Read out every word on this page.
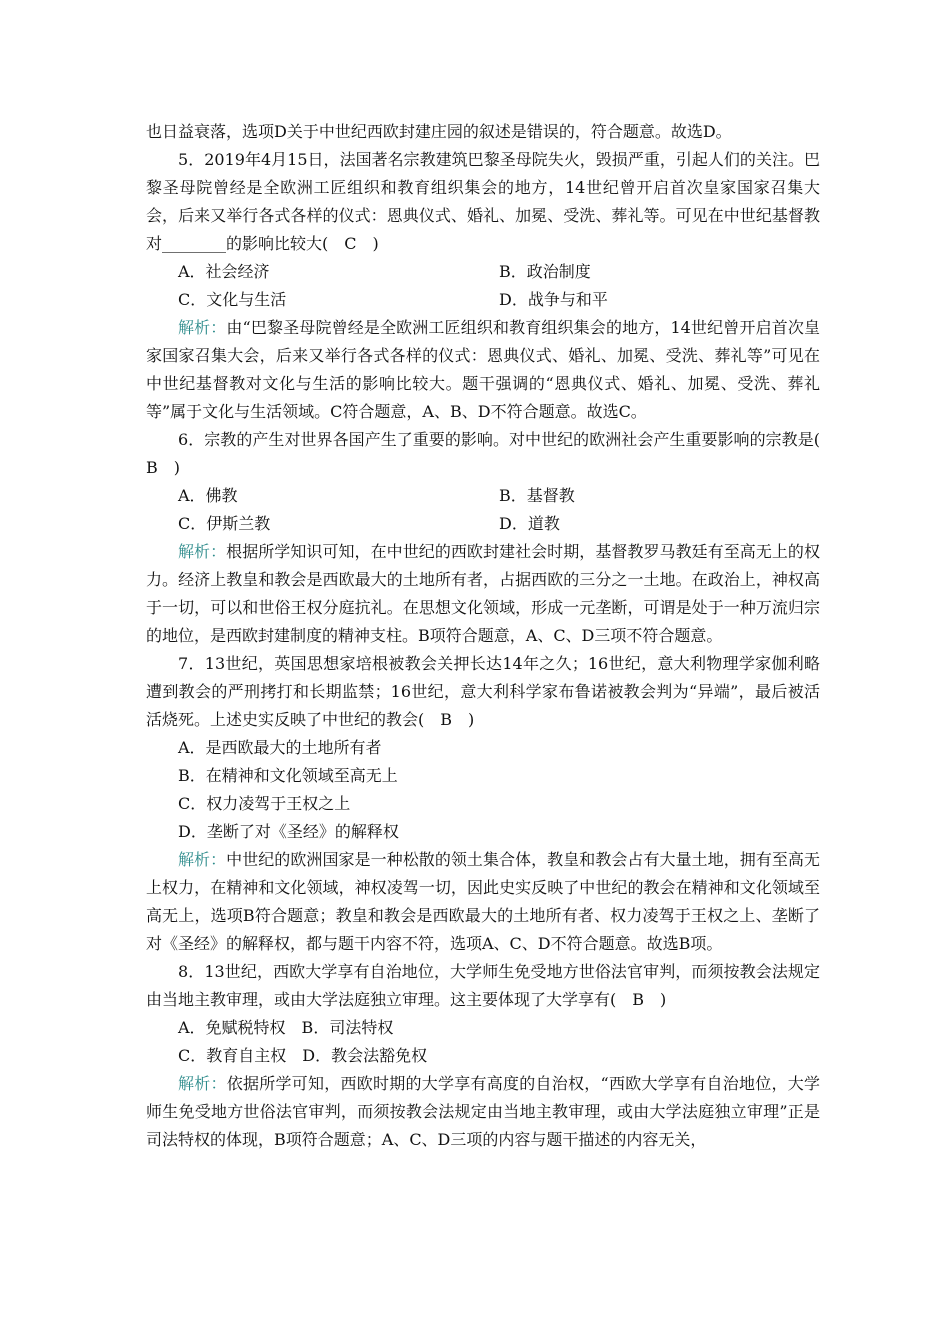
也日益衰落，选项D关于中世纪西欧封建庄园的叙述是错误的，符合题意。故选D。

5．2019年4月15日，法国著名宗教建筑巴黎圣母院失火，毁损严重，引起人们的关注。巴黎圣母院曾经是全欧洲工匠组织和教育组织集会的地方，14世纪曾开启首次皇家国家召集大会，后来又举行各式各样的仪式：恩典仪式、婚礼、加冕、受洗、葬礼等。可见在中世纪基督教对________的影响比较大(　C　)

A．社会经济	B．政治制度
C．文化与生活	D．战争与和平

解析：由“巴黎圣母院曾经是全欧洲工匠组织和教育组织集会的地方，14世纪曾开启首次皇家国家召集大会，后来又举行各式各样的仪式：恩典仪式、婚礼、加冕、受洗、葬礼等”可见在中世纪基督教对文化与生活的影响比较大。题干强调的“恩典仪式、婚礼、加冕、受洗、葬礼等”属于文化与生活领域。C符合题意，A、B、D不符合题意。故选C。

6．宗教的产生对世界各国产生了重要的影响。对中世纪的欧洲社会产生重要影响的宗教是(　B　)

A．佛教	B．基督教
C．伊斯兰教	D．道教

解析：根据所学知识可知，在中世纪的西欧封建社会时期，基督教罗马教廷有至高无上的权力。经济上教皇和教会是西欧最大的土地所有者，占据西欧的三分之一土地。在政治上，神权高于一切，可以和世俗王权分庭抗礼。在思想文化领域，形成一元垄断，可谓是处于一种万流归宗的地位，是西欧封建制度的精神支柱。B项符合题意，A、C、D三项不符合题意。

7．13世纪，英国思想家培根被教会关押长达14年之久；16世纪，意大利物理学家伽利略遭到教会的严刑拷打和长期监禁；16世纪，意大利科学家布鲁诺被教会判为“异端”，最后被活活烧死。上述史实反映了中世纪的教会(　B　)

A．是西欧最大的土地所有者
B．在精神和文化领域至高无上
C．权力凌驾于王权之上
D．垄断了对《圣经》的解释权

解析：中世纪的欧洲国家是一种松散的领土集合体，教皇和教会占有大量土地，拥有至高无上权力，在精神和文化领域，神权凌驾一切，因此史实反映了中世纪的教会在精神和文化领域至高无上，选项B符合题意；教皇和教会是西欧最大的土地所有者、权力凌驾于王权之上、垄断了对《圣经》的解释权，都与题干内容不符，选项A、C、D不符合题意。故选B项。

8．13世纪，西欧大学享有自治地位，大学师生免受地方世俗法官审判，而须按教会法规定由当地主教审理，或由大学法庭独立审理。这主要体现了大学享有(　B　)

A．免赋税特权　B．司法特权
C．教育自主权　D．教会法豁免权

解析：依据所学可知，西欧时期的大学享有高度的自治权，“西欧大学享有自治地位，大学师生免受地方世俗法官审判，而须按教会法规定由当地主教审理，或由大学法庭独立审理”正是司法特权的体现，B项符合题意；A、C、D三项的内容与题干描述的内容无关，
